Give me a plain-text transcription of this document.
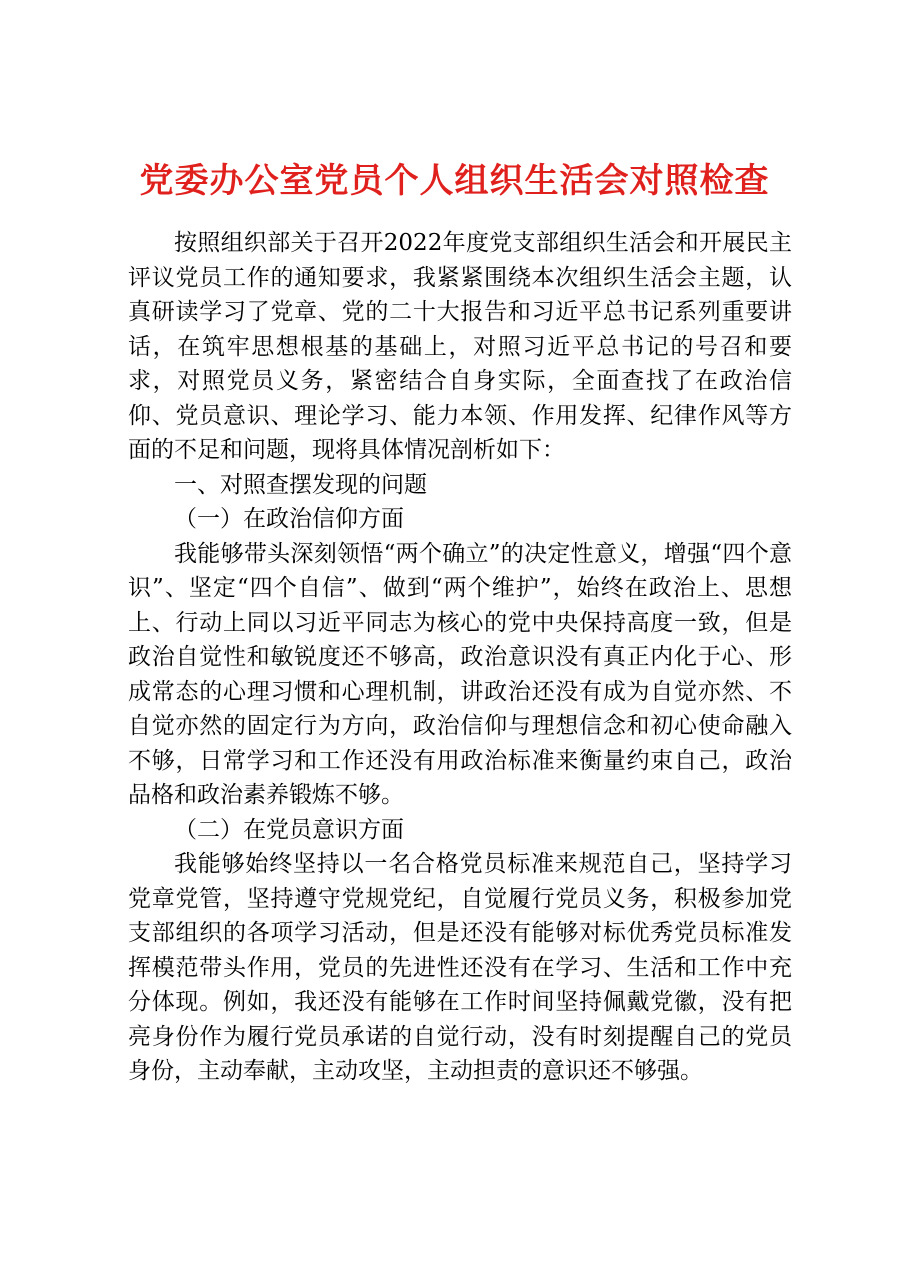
党委办公室党员个人组织生活会对照检查

按照组织部关于召开2022年度党支部组织生活会和开展民主评议党员工作的通知要求，我紧紧围绕本次组织生活会主题，认真研读学习了党章、党的二十大报告和习近平总书记系列重要讲话，在筑牢思想根基的基础上，对照习近平总书记的号召和要求，对照党员义务，紧密结合自身实际，全面查找了在政治信仰、党员意识、理论学习、能力本领、作用发挥、纪律作风等方面的不足和问题，现将具体情况剖析如下：

一、对照查摆发现的问题

（一）在政治信仰方面

我能够带头深刻领悟“两个确立”的决定性意义，增强“四个意识”、坚定“四个自信”、做到“两个维护”，始终在政治上、思想上、行动上同以习近平同志为核心的党中央保持高度一致，但是政治自觉性和敏锐度还不够高，政治意识没有真正内化于心、形成常态的心理习惯和心理机制，讲政治还没有成为自觉亦然、不自觉亦然的固定行为方向，政治信仰与理想信念和初心使命融入不够，日常学习和工作还没有用政治标准来衡量约束自己，政治品格和政治素养锻炼不够。

（二）在党员意识方面

我能够始终坚持以一名合格党员标准来规范自己，坚持学习党章党管，坚持遵守党规党纪，自觉履行党员义务，积极参加党支部组织的各项学习活动，但是还没有能够对标优秀党员标准发挥模范带头作用，党员的先进性还没有在学习、生活和工作中充分体现。例如，我还没有能够在工作时间坚持佩戴党徽，没有把亮身份作为履行党员承诺的自觉行动，没有时刻提醒自己的党员身份，主动奉献，主动攻坚，主动担责的意识还不够强。
